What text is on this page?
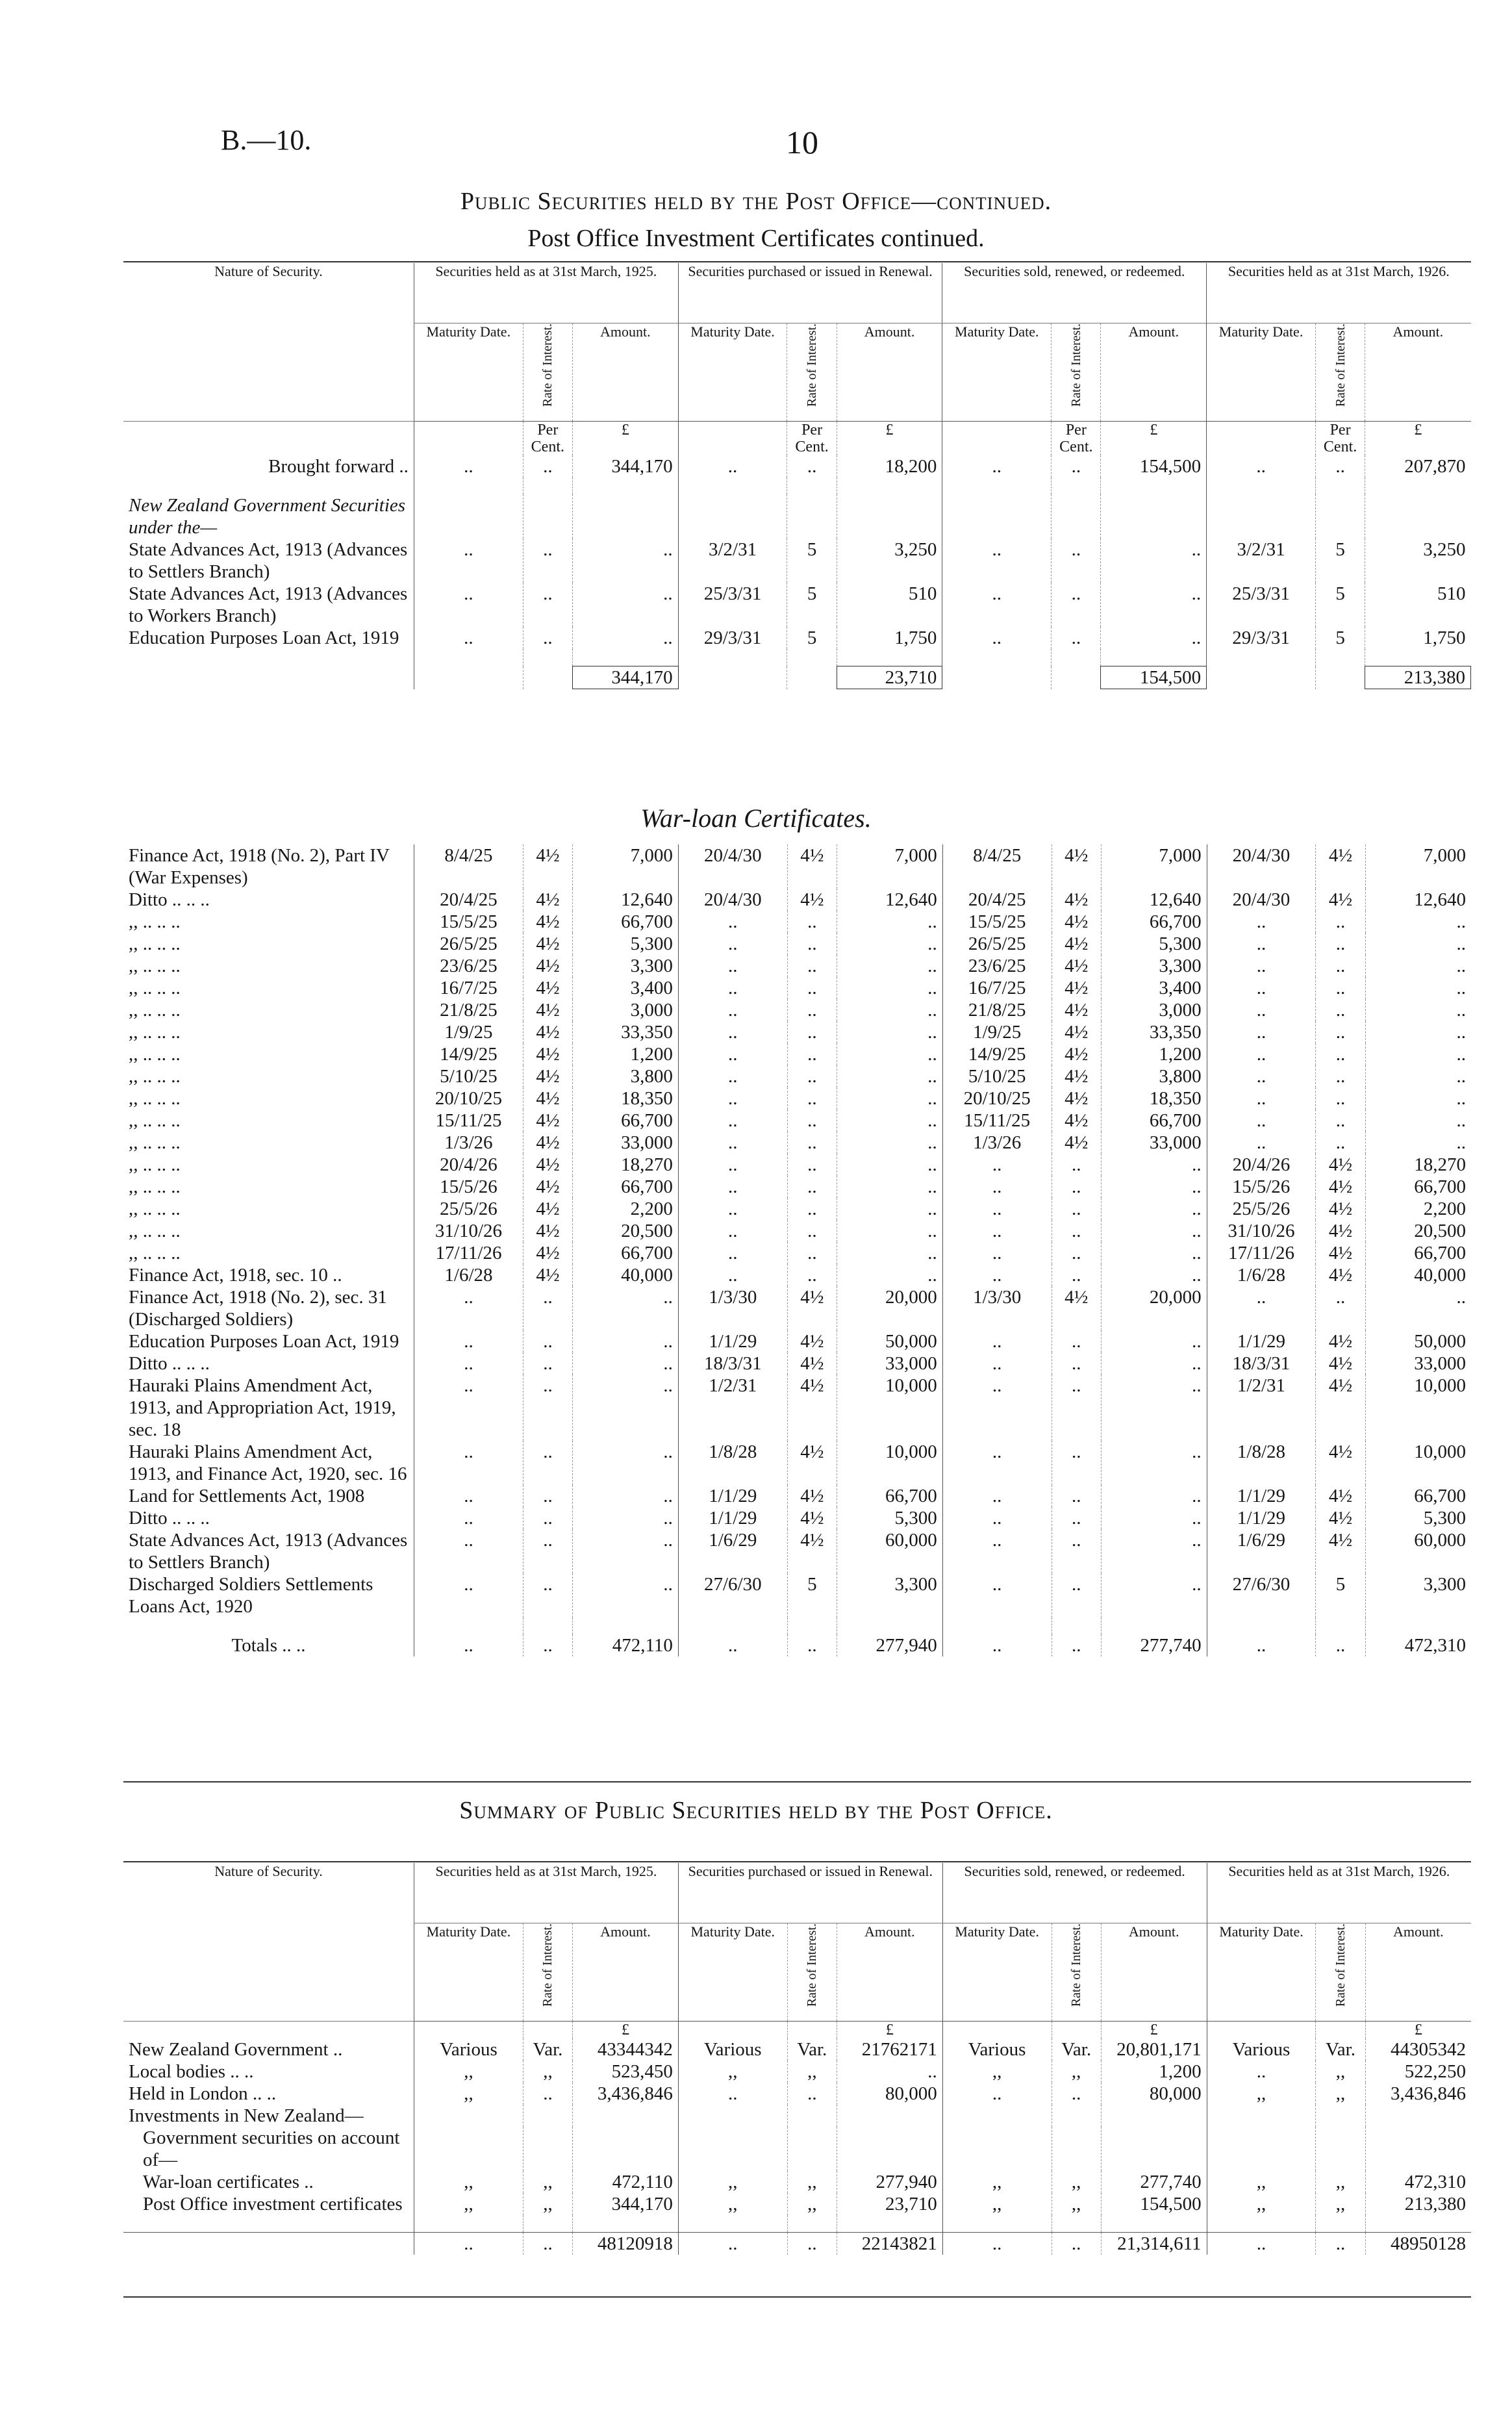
B.—10.	10
Public Securities held by the Post Office—continued.
Post Office Investment Certificates continued.
Nature of Security.	Securities held as at 31st March, 1925.			Securities purchased or issued in Renewal.			Securities sold, renewed, or redeemed.			Securities held as at 31st March, 1926.		
	Maturity Date.	Rate of Interest.	Amount.	Maturity Date.	Rate of Interest.	Amount.	Maturity Date.	Rate of Interest.	Amount.	Maturity Date.	Rate of Interest.	Amount.
		Per Cent.	£		Per Cent.	£		Per Cent.	£		Per Cent.	£
Brought forward ..	..	..	344,170	..	..	18,200	..	..	154,500	..	..	207,870

New Zealand Government Securities under the—												
State Advances Act, 1913 (Advances to Settlers Branch)	..	..	..	3/2/31	5	3,250	..	..	..	3/2/31	5	3,250
State Advances Act, 1913 (Advances to Workers Branch)	..	..	..	25/3/31	5	510	..	..	..	25/3/31	5	510
Education Purposes Loan Act, 1919	..	..	..	29/3/31	5	1,750	..	..	..	29/3/31	5	1,750

			344,170			23,710			154,500			213,380
War-loan Certificates.
Finance Act, 1918 (No. 2), Part IV (War Expenses)	8/4/25	4½	7,000	20/4/30	4½	7,000	8/4/25	4½	7,000	20/4/30	4½	7,000
Ditto .. .. ..	20/4/25	4½	12,640	20/4/30	4½	12,640	20/4/25	4½	12,640	20/4/30	4½	12,640
,, .. .. ..	15/5/25	4½	66,700	..	..	..	15/5/25	4½	66,700	..	..	..
,, .. .. ..	26/5/25	4½	5,300	..	..	..	26/5/25	4½	5,300	..	..	..
,, .. .. ..	23/6/25	4½	3,300	..	..	..	23/6/25	4½	3,300	..	..	..
,, .. .. ..	16/7/25	4½	3,400	..	..	..	16/7/25	4½	3,400	..	..	..
,, .. .. ..	21/8/25	4½	3,000	..	..	..	21/8/25	4½	3,000	..	..	..
,, .. .. ..	1/9/25	4½	33,350	..	..	..	1/9/25	4½	33,350	..	..	..
,, .. .. ..	14/9/25	4½	1,200	..	..	..	14/9/25	4½	1,200	..	..	..
,, .. .. ..	5/10/25	4½	3,800	..	..	..	5/10/25	4½	3,800	..	..	..
,, .. .. ..	20/10/25	4½	18,350	..	..	..	20/10/25	4½	18,350	..	..	..
,, .. .. ..	15/11/25	4½	66,700	..	..	..	15/11/25	4½	66,700	..	..	..
,, .. .. ..	1/3/26	4½	33,000	..	..	..	1/3/26	4½	33,000	..	..	..
,, .. .. ..	20/4/26	4½	18,270	..	..	..	..	..	..	20/4/26	4½	18,270
,, .. .. ..	15/5/26	4½	66,700	..	..	..	..	..	..	15/5/26	4½	66,700
,, .. .. ..	25/5/26	4½	2,200	..	..	..	..	..	..	25/5/26	4½	2,200
,, .. .. ..	31/10/26	4½	20,500	..	..	..	..	..	..	31/10/26	4½	20,500
,, .. .. ..	17/11/26	4½	66,700	..	..	..	..	..	..	17/11/26	4½	66,700
Finance Act, 1918, sec. 10 ..	1/6/28	4½	40,000	..	..	..	..	..	..	1/6/28	4½	40,000
Finance Act, 1918 (No. 2), sec. 31 (Discharged Soldiers)	..	..	..	1/3/30	4½	20,000	1/3/30	4½	20,000	..	..	..
Education Purposes Loan Act, 1919	..	..	..	1/1/29	4½	50,000	..	..	..	1/1/29	4½	50,000
Ditto .. .. ..	..	..	..	18/3/31	4½	33,000	..	..	..	18/3/31	4½	33,000
Hauraki Plains Amendment Act, 1913, and Appropriation Act, 1919, sec. 18	..	..	..	1/2/31	4½	10,000	..	..	..	1/2/31	4½	10,000
Hauraki Plains Amendment Act, 1913, and Finance Act, 1920, sec. 16	..	..	..	1/8/28	4½	10,000	..	..	..	1/8/28	4½	10,000
Land for Settlements Act, 1908	..	..	..	1/1/29	4½	66,700	..	..	..	1/1/29	4½	66,700
Ditto .. .. ..	..	..	..	1/1/29	4½	5,300	..	..	..	1/1/29	4½	5,300
State Advances Act, 1913 (Advances to Settlers Branch)	..	..	..	1/6/29	4½	60,000	..	..	..	1/6/29	4½	60,000
Discharged Soldiers Settlements Loans Act, 1920	..	..	..	27/6/30	5	3,300	..	..	..	27/6/30	5	3,300

Totals .. ..	..	..	472,110	..	..	277,940	..	..	277,740	..	..	472,310
Summary of Public Securities held by the Post Office.
Nature of Security.	Securities held as at 31st March, 1925.			Securities purchased or issued in Renewal.			Securities sold, renewed, or redeemed.			Securities held as at 31st March, 1926.		
	Maturity Date.	Rate of Interest.	Amount.	Maturity Date.	Rate of Interest.	Amount.	Maturity Date.	Rate of Interest.	Amount.	Maturity Date.	Rate of Interest.	Amount.
			£			£			£			£
New Zealand Government ..	Various	Var.	43344342	Various	Var.	21762171	Various	Var.	20,801,171	Various	Var.	44305342
Local bodies .. ..	,,	,,	523,450	,,	,,	..	,,	,,	1,200	..	,,	522,250
Held in London .. ..	,,	..	3,436,846	..	..	80,000	..	..	80,000	,,	,,	3,436,846
Investments in New Zealand—												
Government securities on account of—												
War-loan certificates ..	,,	,,	472,110	,,	,,	277,940	,,	,,	277,740	,,	,,	472,310
Post Office investment certificates	,,	,,	344,170	,,	,,	23,710	,,	,,	154,500	,,	,,	213,380

	..	..	48120918	..	..	22143821	..	..	21,314,611	..	..	48950128
